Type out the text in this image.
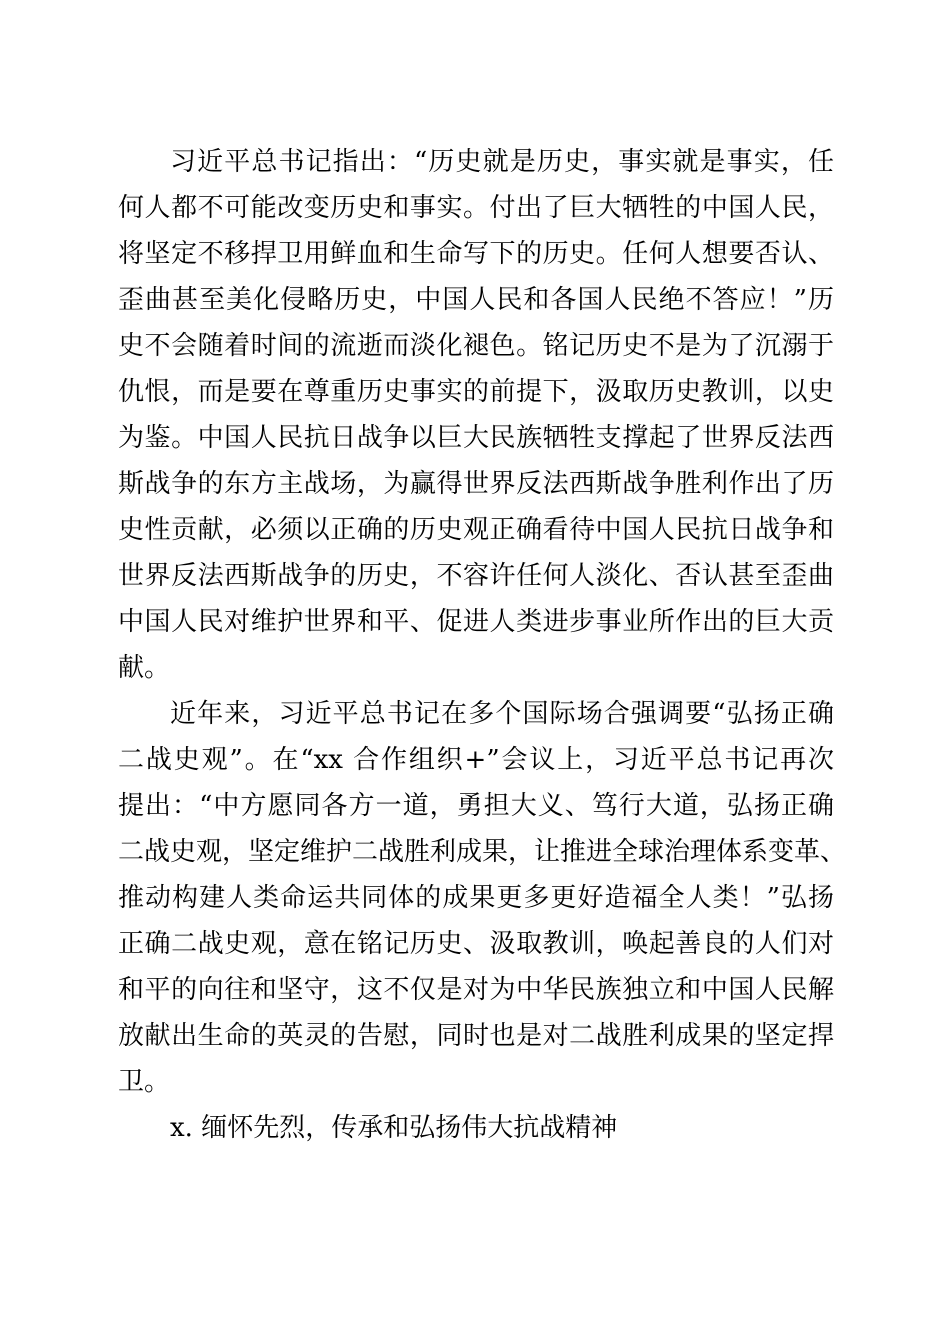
习近平总书记指出：“历史就是历史，事实就是事实，任
何人都不可能改变历史和事实。付出了巨大牺牲的中国人民，
将坚定不移捍卫用鲜血和生命写下的历史。任何人想要否认、
歪曲甚至美化侵略历史，中国人民和各国人民绝不答应！”历
史不会随着时间的流逝而淡化褪色。铭记历史不是为了沉溺于
仇恨，而是要在尊重历史事实的前提下，汲取历史教训，以史
为鉴。中国人民抗日战争以巨大民族牺牲支撑起了世界反法西
斯战争的东方主战场，为赢得世界反法西斯战争胜利作出了历
史性贡献，必须以正确的历史观正确看待中国人民抗日战争和
世界反法西斯战争的历史，不容许任何人淡化、否认甚至歪曲
中国人民对维护世界和平、促进人类进步事业所作出的巨大贡
献。
近年来，习近平总书记在多个国际场合强调要“弘扬正确
二战史观”。在“xx 合作组织+”会议上，习近平总书记再次
提出：“中方愿同各方一道，勇担大义、笃行大道，弘扬正确
二战史观，坚定维护二战胜利成果，让推进全球治理体系变革、
推动构建人类命运共同体的成果更多更好造福全人类！”弘扬
正确二战史观，意在铭记历史、汲取教训，唤起善良的人们对
和平的向往和坚守，这不仅是对为中华民族独立和中国人民解
放献出生命的英灵的告慰，同时也是对二战胜利成果的坚定捍
卫。
x. 缅怀先烈，传承和弘扬伟大抗战精神
